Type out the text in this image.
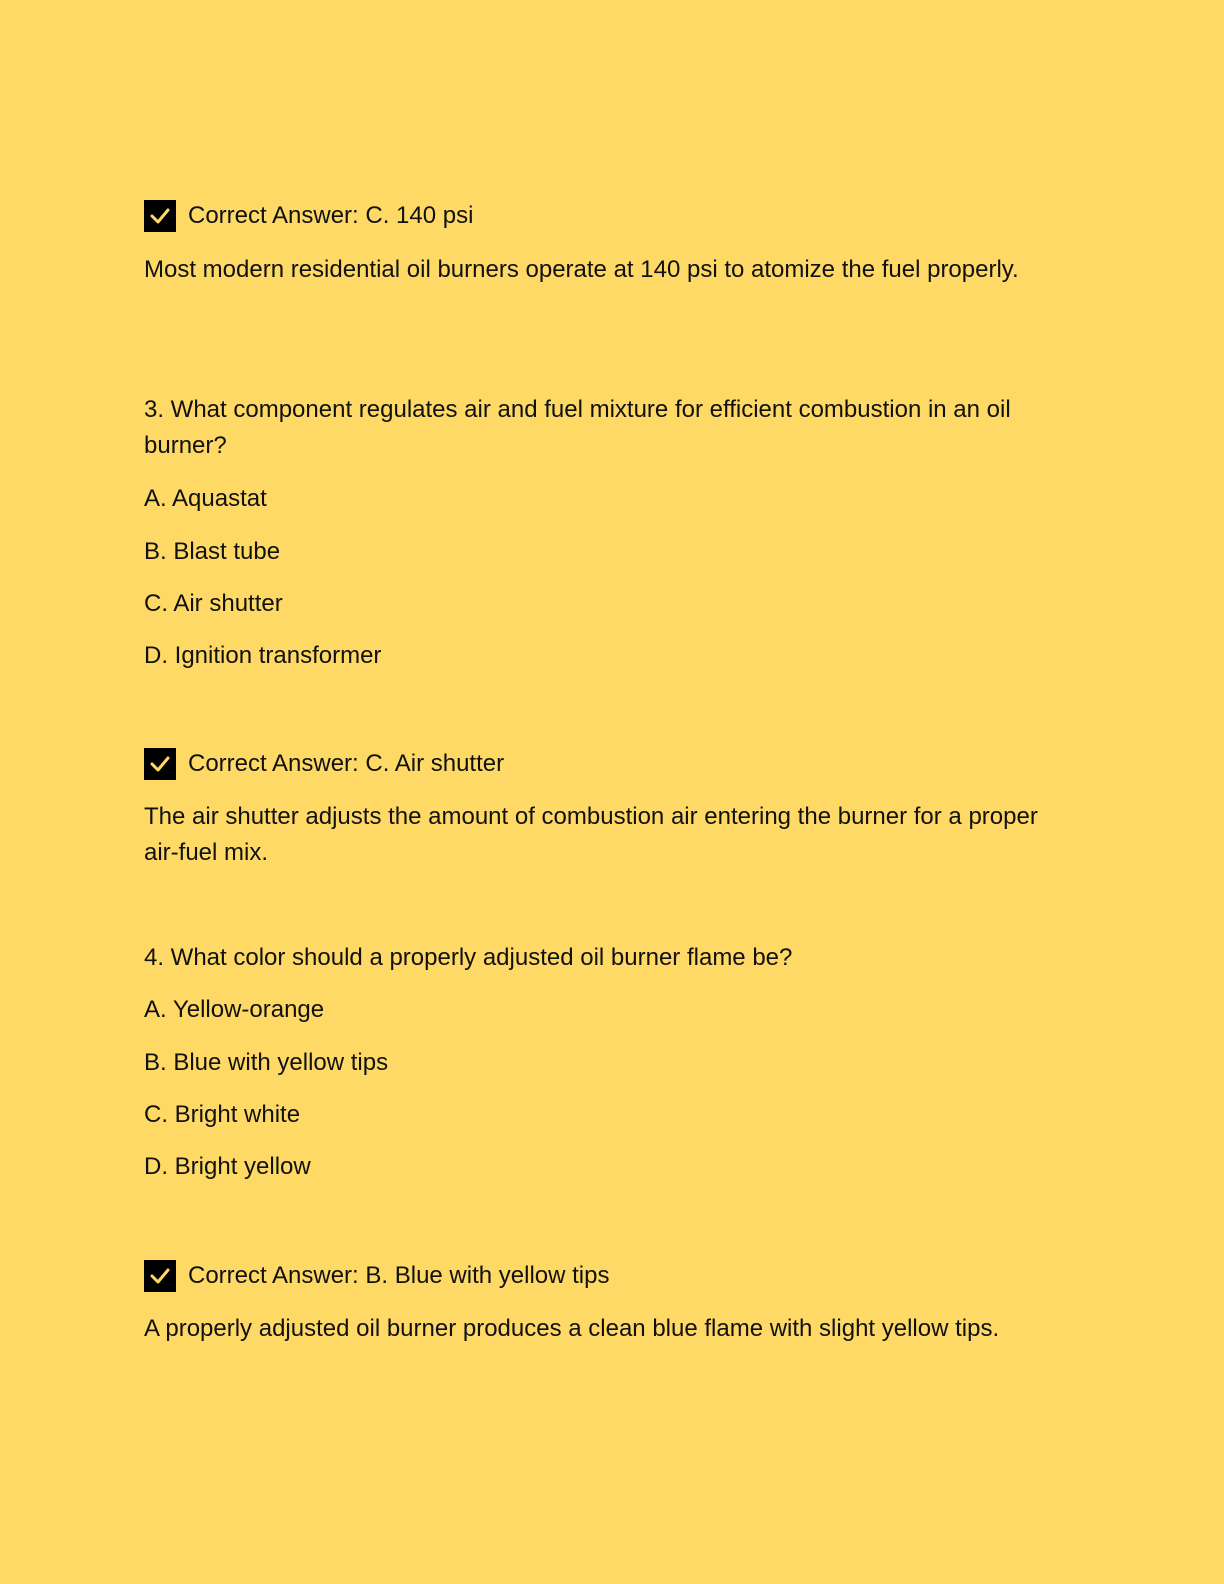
Correct Answer: C. 140 psi
Most modern residential oil burners operate at 140 psi to atomize the fuel properly.
3. What component regulates air and fuel mixture for efficient combustion in an oil burner?
A. Aquastat
B. Blast tube
C. Air shutter
D. Ignition transformer
Correct Answer: C. Air shutter
The air shutter adjusts the amount of combustion air entering the burner for a proper air-fuel mix.
4. What color should a properly adjusted oil burner flame be?
A. Yellow-orange
B. Blue with yellow tips
C. Bright white
D. Bright yellow
Correct Answer: B. Blue with yellow tips
A properly adjusted oil burner produces a clean blue flame with slight yellow tips.
